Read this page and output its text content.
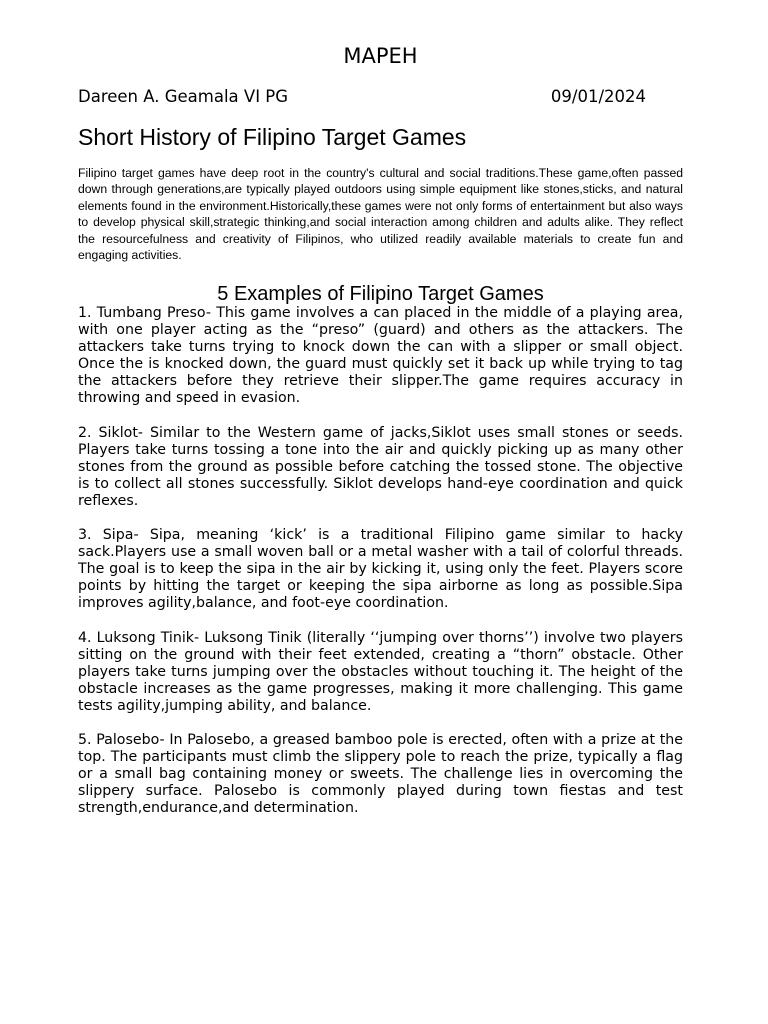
MAPEH
Dareen A. Geamala VI PG	09/01/2024
Short History of Filipino Target Games

Filipino target games have deep root in the country's cultural and social traditions.These game,often passed down through generations,are typically played outdoors using simple equipment like stones,sticks, and natural elements found in the environment.Historically,these games were not only forms of entertainment but also ways to develop physical skill,strategic thinking,and social interaction among children and adults alike. They reflect the resourcefulness and creativity of Filipinos, who utilized readily available materials to create fun and engaging activities.

5 Examples of Filipino Target Games
1. Tumbang Preso- This game involves a can placed in the middle of a playing area, with one player acting as the “preso” (guard) and others as the attackers. The attackers take turns trying to knock down the can with a slipper or small object. Once the is knocked down, the guard must quickly set it back up while trying to tag the attackers before they retrieve their slipper.The game requires accuracy in throwing and speed in evasion.
2. Siklot- Similar to the Western game of jacks,Siklot uses small stones or seeds. Players take turns tossing a tone into the air and quickly picking up as many other stones from the ground as possible before catching the tossed stone. The objective is to collect all stones successfully. Siklot develops hand-eye coordination and quick reflexes.
3. Sipa- Sipa, meaning ‘kick’ is a traditional Filipino game similar to hacky sack.Players use a small woven ball or a metal washer with a tail of colorful threads. The goal is to keep the sipa in the air by kicking it, using only the feet. Players score points by hitting the target or keeping the sipa airborne as long as possible.Sipa improves agility,balance, and foot-eye coordination.
4. Luksong Tinik- Luksong Tinik (literally ‘‘jumping over thorns’’) involve two players sitting on the ground with their feet extended, creating a “thorn” obstacle. Other players take turns jumping over the obstacles without touching it. The height of the obstacle increases as the game progresses, making it more challenging. This game tests agility,jumping ability, and balance.
5. Palosebo- In Palosebo, a greased bamboo pole is erected, often with a prize at the top. The participants must climb the slippery pole to reach the prize, typically a flag or a small bag containing money or sweets. The challenge lies in overcoming the slippery surface. Palosebo is commonly played during town fiestas and test strength,endurance,and determination.
